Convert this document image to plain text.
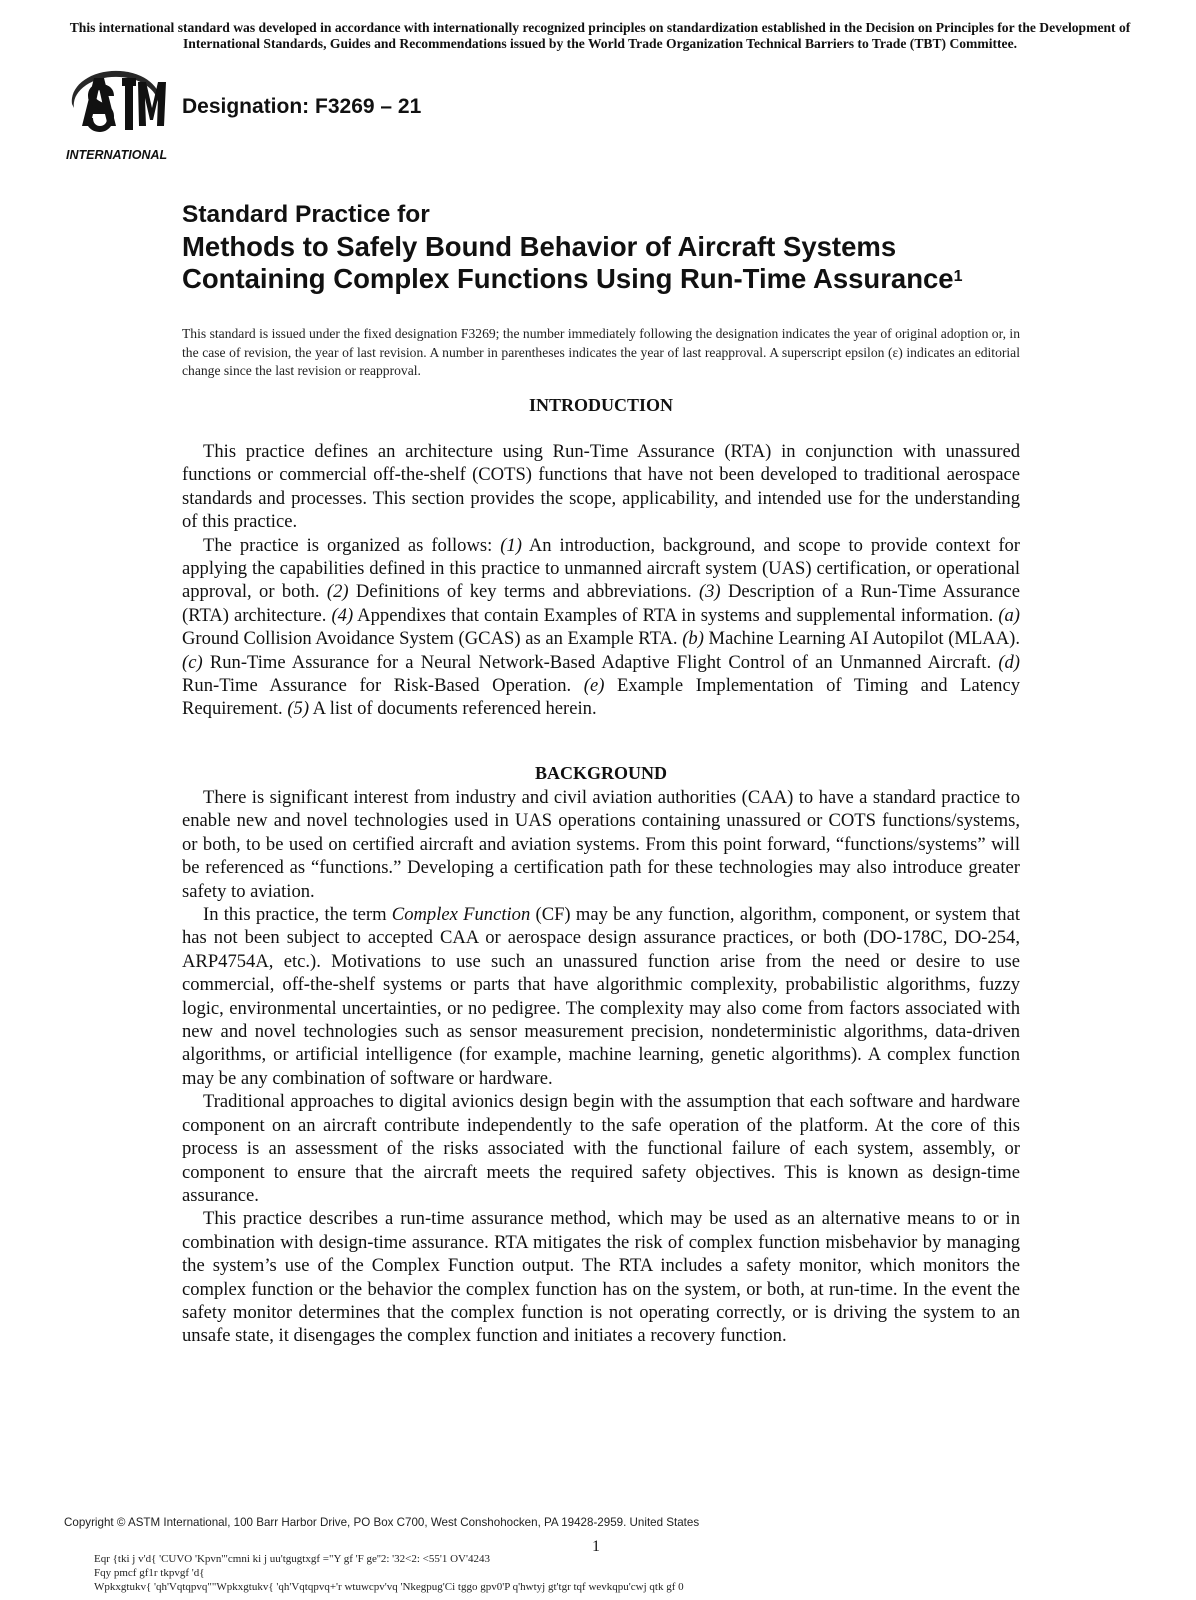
This international standard was developed in accordance with internationally recognized principles on standardization established in the Decision on Principles for the Development of International Standards, Guides and Recommendations issued by the World Trade Organization Technical Barriers to Trade (TBT) Committee.
INTERNATIONAL
Designation: F3269 – 21
Standard Practice for
Methods to Safely Bound Behavior of Aircraft Systems
Containing Complex Functions Using Run-Time Assurance$^1$
This standard is issued under the fixed designation F3269; the number immediately following the designation indicates the year of original adoption or, in the case of revision, the year of last revision. A number in parentheses indicates the year of last reapproval. A superscript epsilon (ε) indicates an editorial change since the last revision or reapproval.
INTRODUCTION

This practice defines an architecture using Run-Time Assurance (RTA) in conjunction with unassured functions or commercial off-the-shelf (COTS) functions that have not been developed to traditional aerospace standards and processes. This section provides the scope, applicability, and intended use for the understanding of this practice.

The practice is organized as follows: (1) An introduction, background, and scope to provide context for applying the capabilities defined in this practice to unmanned aircraft system (UAS) certification, or operational approval, or both. (2) Definitions of key terms and abbreviations. (3) Description of a Run-Time Assurance (RTA) architecture. (4) Appendixes that contain Examples of RTA in systems and supplemental information. (a) Ground Collision Avoidance System (GCAS) as an Example RTA. (b) Machine Learning AI Autopilot (MLAA). (c) Run-Time Assurance for a Neural Network-Based Adaptive Flight Control of an Unmanned Aircraft. (d) Run-Time Assurance for Risk-Based Operation. (e) Example Implementation of Timing and Latency Requirement. (5) A list of documents referenced herein.

BACKGROUND

There is significant interest from industry and civil aviation authorities (CAA) to have a standard practice to enable new and novel technologies used in UAS operations containing unassured or COTS functions/systems, or both, to be used on certified aircraft and aviation systems. From this point forward, “functions/systems” will be referenced as “functions.” Developing a certification path for these technologies may also introduce greater safety to aviation.

In this practice, the term Complex Function (CF) may be any function, algorithm, component, or system that has not been subject to accepted CAA or aerospace design assurance practices, or both (DO-178C, DO-254, ARP4754A, etc.). Motivations to use such an unassured function arise from the need or desire to use commercial, off-the-shelf systems or parts that have algorithmic complexity, probabilistic algorithms, fuzzy logic, environmental uncertainties, or no pedigree. The complexity may also come from factors associated with new and novel technologies such as sensor measurement precision, nondeterministic algorithms, data-driven algorithms, or artificial intelligence (for example, machine learning, genetic algorithms). A complex function may be any combination of software or hardware.

Traditional approaches to digital avionics design begin with the assumption that each software and hardware component on an aircraft contribute independently to the safe operation of the platform. At the core of this process is an assessment of the risks associated with the functional failure of each system, assembly, or component to ensure that the aircraft meets the required safety objectives. This is known as design-time assurance.

This practice describes a run-time assurance method, which may be used as an alternative means to or in combination with design-time assurance. RTA mitigates the risk of complex function misbehavior by managing the system’s use of the Complex Function output. The RTA includes a safety monitor, which monitors the complex function or the behavior the complex function has on the system, or both, at run-time. In the event the safety monitor determines that the complex function is not operating correctly, or is driving the system to an unsafe state, it disengages the complex function and initiates a recovery function.

Copyright © ASTM International, 100 Barr Harbor Drive, PO Box C700, West Conshohocken, PA 19428-2959. United States
1
Eqr {tki j v'd{ 'CUVO 'Kpvn'"cmni ki j uu'tgugtxgf ="Y gf 'F ge''2: '32<2: <55'1 OV'4243
Fqy pmcf gf1r tkpvgf 'd{
Wpkxgtukv{ 'qh'Vqtqpvq""Wpkxgtukv{ 'qh'Vqtqpvq+'r wtuwcpv'vq 'Nkegpug'Ci tggo gpv0'P q'hwtyj gt'tgr tqf wevkqpu'cwj qtk gf 0
